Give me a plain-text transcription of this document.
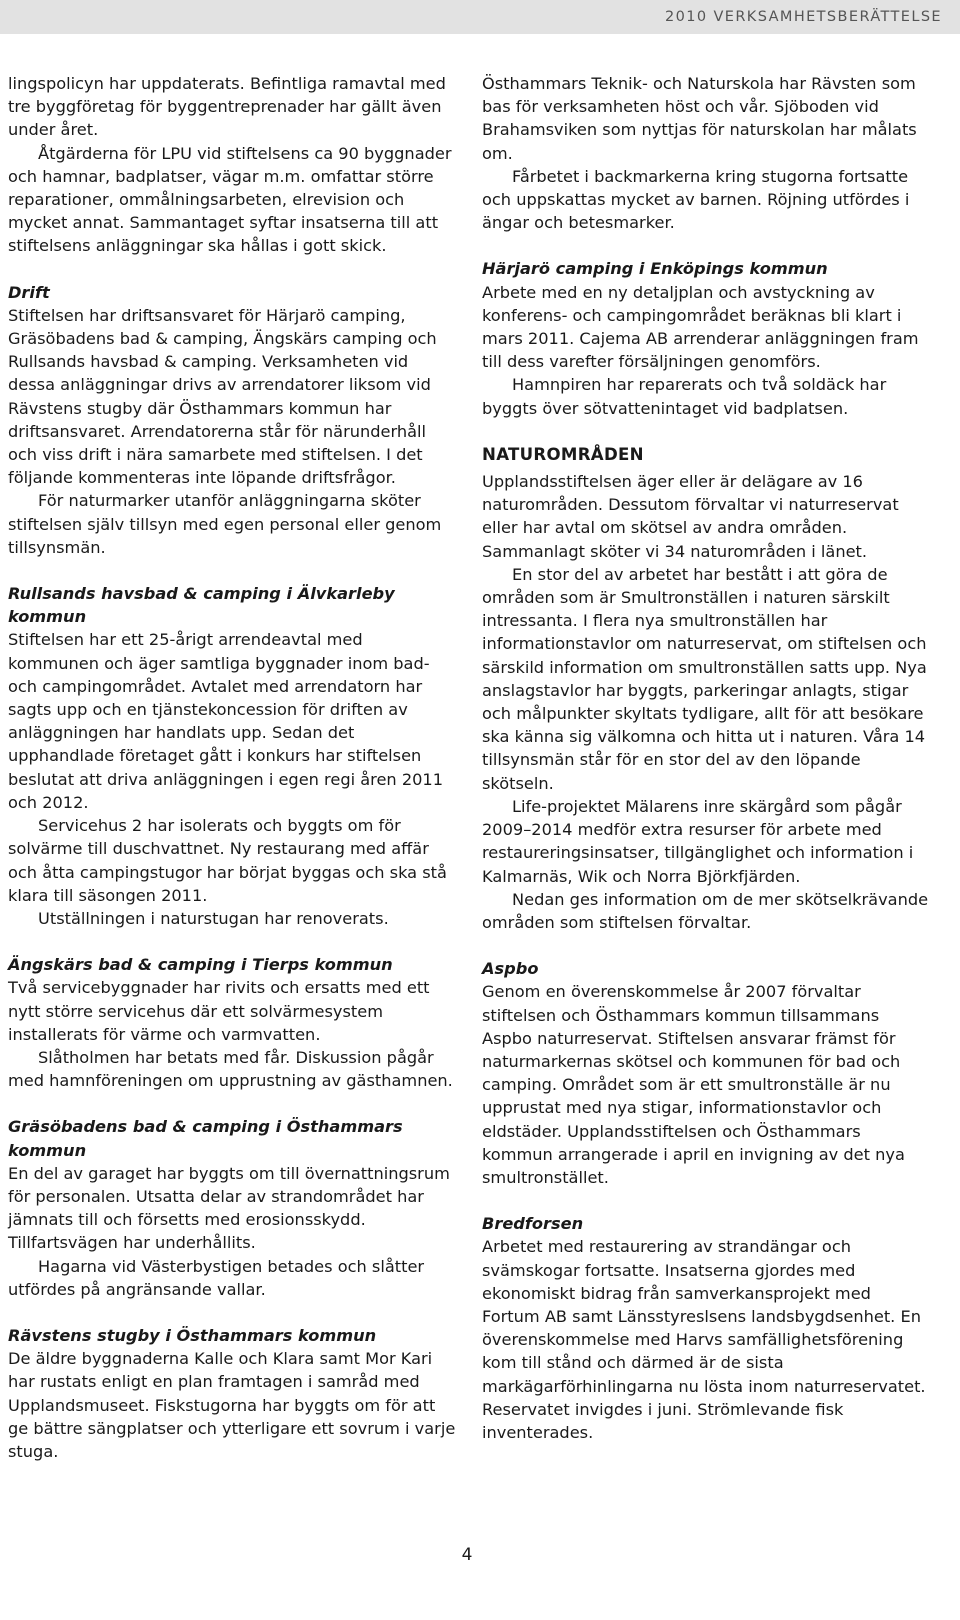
2010 VERKSAMHETSBERÄTTELSE

lingspolicyn har uppdaterats. Befintliga ramavtal med tre byggföretag för byggentreprenader har gällt även under året.

Åtgärderna för LPU vid stiftelsens ca 90 byggnader och hamnar, badplatser, vägar m.m. omfattar större reparationer, ommålningsarbeten, elrevision och mycket annat. Sammantaget syftar insatserna till att stiftelsens anläggningar ska hållas i gott skick.

Drift

Stiftelsen har driftsansvaret för Härjarö camping, Gräsöbadens bad & camping, Ängskärs camping och Rullsands havsbad & camping. Verksamheten vid dessa anläggningar drivs av arrendatorer liksom vid Rävstens stugby där Östhammars kommun har driftsansvaret. Arrendatorerna står för närunderhåll och viss drift i nära samarbete med stiftelsen. I det följande kommenteras inte löpande driftsfrågor.

För naturmarker utanför anläggningarna sköter stiftelsen själv tillsyn med egen personal eller genom tillsynsmän.

Rullsands havsbad & camping i Älvkarleby kommun

Stiftelsen har ett 25-årigt arrendeavtal med kommunen och äger samtliga byggnader inom bad- och campingområdet. Avtalet med arrendatorn har sagts upp och en tjänstekoncession för driften av anläggningen har handlats upp. Sedan det upphandlade företaget gått i konkurs har stiftelsen beslutat att driva anläggningen i egen regi åren 2011 och 2012.

Servicehus 2 har isolerats och byggts om för solvärme till duschvattnet. Ny restaurang med affär och åtta campingstugor har börjat byggas och ska stå klara till säsongen 2011.

Utställningen i naturstugan har renoverats.

Ängskärs bad & camping i Tierps kommun

Två servicebyggnader har rivits och ersatts med ett nytt större servicehus där ett solvärmesystem installerats för värme och varmvatten.

Slåtholmen har betats med får. Diskussion pågår med hamnföreningen om upprustning av gästhamnen.

Gräsöbadens bad & camping i Östhammars kommun

En del av garaget har byggts om till övernattningsrum för personalen. Utsatta delar av strandområdet har jämnats till och försetts med erosionsskydd. Tillfartsvägen har underhållits.

Hagarna vid Västerbystigen betades och slåtter utfördes på angränsande vallar.

Rävstens stugby i Östhammars kommun

De äldre byggnaderna Kalle och Klara samt Mor Kari har rustats enligt en plan framtagen i samråd med Upplandsmuseet. Fiskstugorna har byggts om för att ge bättre sängplatser och ytterligare ett sovrum i varje stuga.

Östhammars Teknik- och Naturskola har Rävsten som bas för verksamheten höst och vår. Sjöboden vid Brahamsviken som nyttjas för naturskolan har målats om.

Fårbetet i backmarkerna kring stugorna fortsatte och uppskattas mycket av barnen. Röjning utfördes i ängar och betesmarker.

Härjarö camping i Enköpings kommun

Arbete med en ny detaljplan och avstyckning av konferens- och campingområdet beräknas bli klart i mars 2011. Cajema AB arrenderar anläggningen fram till dess varefter försäljningen genomförs.

Hamnpiren har reparerats och två soldäck har byggts över sötvattenintaget vid badplatsen.

NATUROMRÅDEN

Upplandsstiftelsen äger eller är delägare av 16 naturområden. Dessutom förvaltar vi naturreservat eller har avtal om skötsel av andra områden. Sammanlagt sköter vi 34 naturområden i länet.

En stor del av arbetet har bestått i att göra de områden som är Smultronställen i naturen särskilt intressanta. I flera nya smultronställen har informationstavlor om naturreservat, om stiftelsen och särskild information om smultronställen satts upp. Nya anslagstavlor har byggts, parkeringar anlagts, stigar och målpunkter skyltats tydligare, allt för att besökare ska känna sig välkomna och hitta ut i naturen. Våra 14 tillsynsmän står för en stor del av den löpande skötseln.

Life-projektet Mälarens inre skärgård som pågår 2009–2014 medför extra resurser för arbete med restaureringsinsatser, tillgänglighet och information i Kalmarnäs, Wik och Norra Björkfjärden.

Nedan ges information om de mer skötselkrävande områden som stiftelsen förvaltar.

Aspbo

Genom en överenskommelse år 2007 förvaltar stiftelsen och Östhammars kommun tillsammans Aspbo naturreservat. Stiftelsen ansvarar främst för naturmarkernas skötsel och kommunen för bad och camping. Området som är ett smultronställe är nu upprustat med nya stigar, informationstavlor och eldstäder. Upplandsstiftelsen och Östhammars kommun arrangerade i april en invigning av det nya smultronstället.

Bredforsen

Arbetet med restaurering av strandängar och svämskogar fortsatte. Insatserna gjordes med ekonomiskt bidrag från samverkansprojekt med Fortum AB samt Länsstyreslsens landsbygdsenhet. En överenskommelse med Harvs samfällighetsförening kom till stånd och därmed är de sista markägarförhinlingarna nu lösta inom naturreservatet. Reservatet invigdes i juni. Strömlevande fisk inventerades.

4
